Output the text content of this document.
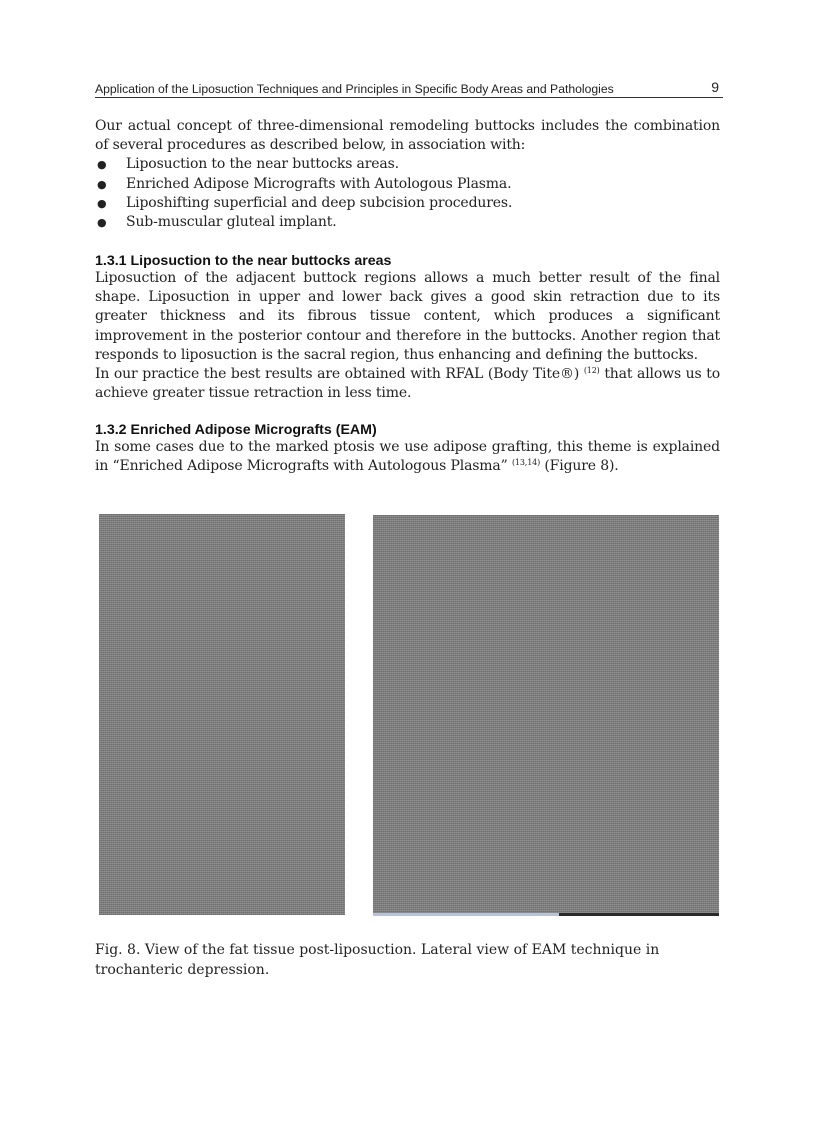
Application of the Liposuction Techniques and Principles in Specific Body Areas and Pathologies	9

Our actual concept of three-dimensional remodeling buttocks includes the combination of several procedures as described below, in association with:

● Liposuction to the near buttocks areas.
● Enriched Adipose Micrografts with Autologous Plasma.
● Liposhifting superficial and deep subcision procedures.
● Sub-muscular gluteal implant.
1.3.1 Liposuction to the near buttocks areas

Liposuction of the adjacent buttock regions allows a much better result of the final shape. Liposuction in upper and lower back gives a good skin retraction due to its greater thickness and its fibrous tissue content, which produces a significant improvement in the posterior contour and therefore in the buttocks. Another region that responds to liposuction is the sacral region, thus enhancing and defining the buttocks.

In our practice the best results are obtained with RFAL (Body Tite®) $^{(12)}$ that allows us to achieve greater tissue retraction in less time.

1.3.2 Enriched Adipose Micrografts (EAM)

In some cases due to the marked ptosis we use adipose grafting, this theme is explained in “Enriched Adipose Micrografts with Autologous Plasma” $^{(13,14)}$ (Figure 8).

Fig. 8. View of the fat tissue post-liposuction. Lateral view of EAM technique in trochanteric depression.
